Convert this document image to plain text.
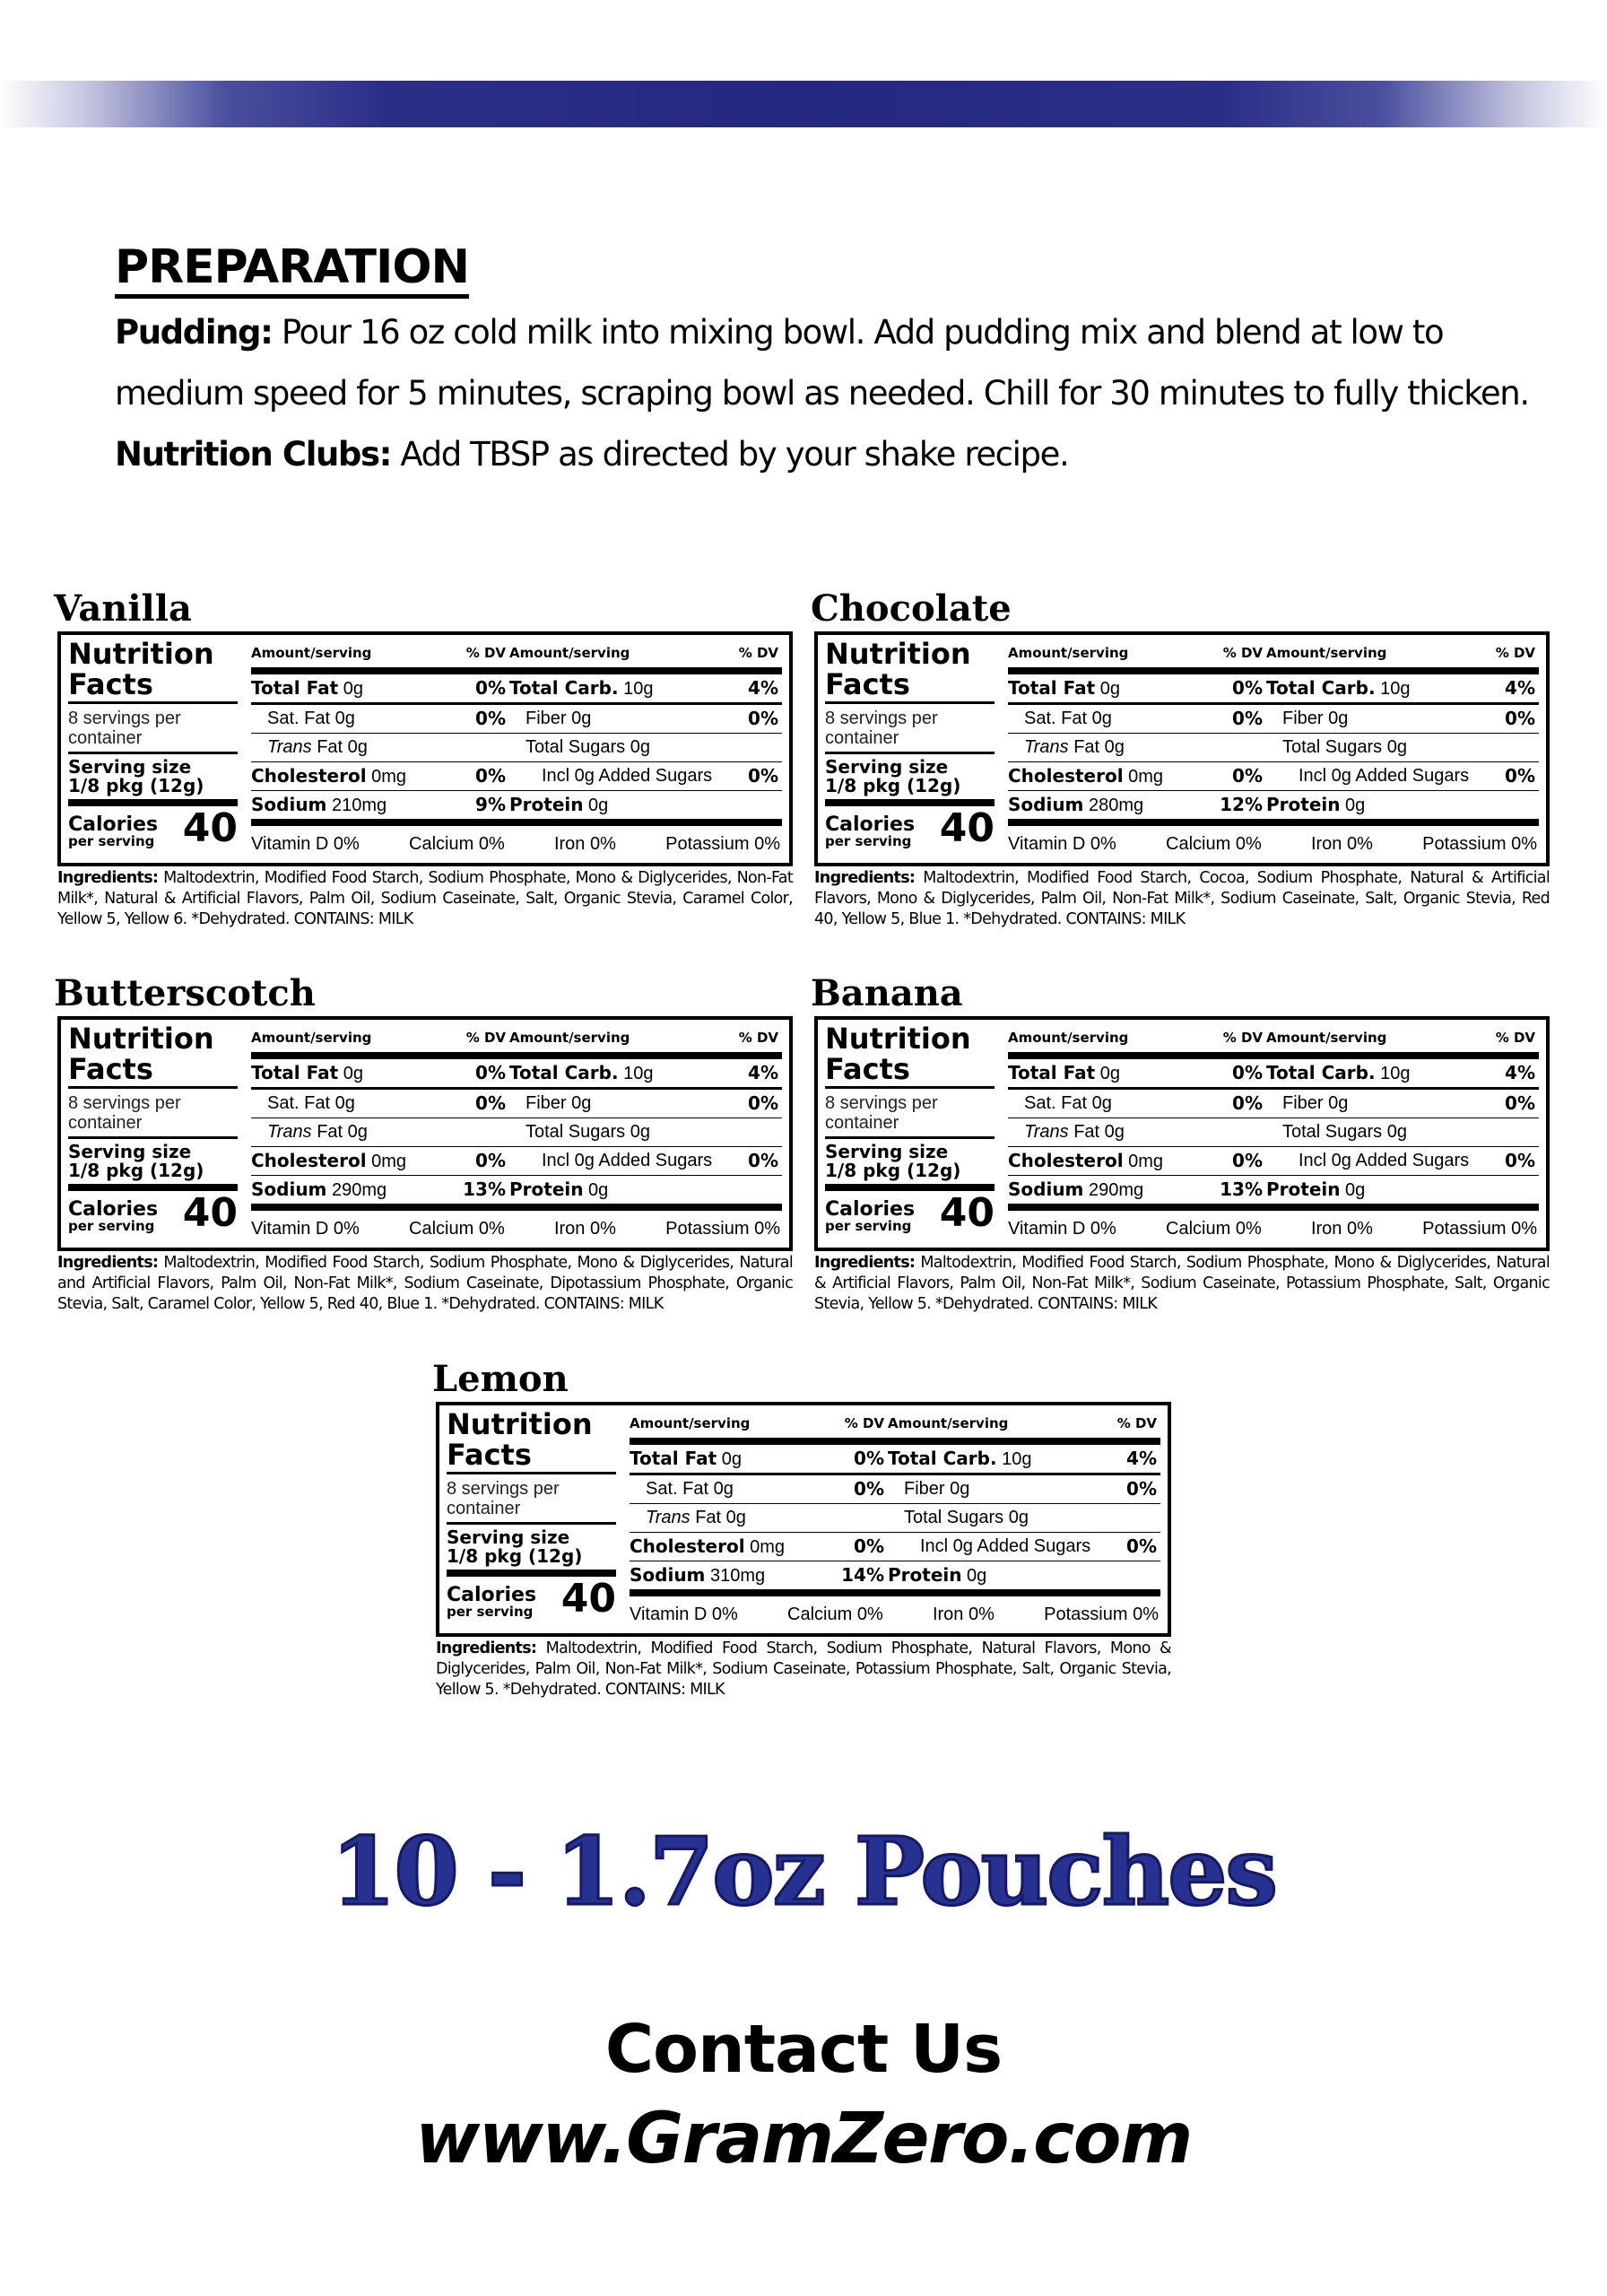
PREPARATION

Pudding: Pour 16 oz cold milk into mixing bowl. Add pudding mix and blend at low to medium speed for 5 minutes, scraping bowl as needed. Chill for 30 minutes to fully thicken. Nutrition Clubs: Add TBSP as directed by your shake recipe.

Vanilla
Nutrition Facts
8 servings per container
Serving size
1/8 pkg (12g)
Calories
per serving 40
Amount/serving	% DV Amount/serving	% DV
Total Fat 0g	0% Total Carb. 10g	4%
Sat. Fat 0g	0%	Fiber 0g	0%
Trans Fat 0g	Total Sugars 0g
Cholesterol 0mg	0%	Incl 0g Added Sugars	0%
Sodium 210mg	9% Protein 0g
Vitamin D 0%	Calcium 0%	Iron 0%	Potassium 0%
Ingredients: Maltodextrin, Modified Food Starch, Sodium Phosphate, Mono & Diglycerides, Non-Fat Milk*, Natural & Artificial Flavors, Palm Oil, Sodium Caseinate, Salt, Organic Stevia, Caramel Color, Yellow 5, Yellow 6. *Dehydrated. CONTAINS: MILK
Chocolate
Nutrition Facts
8 servings per container
Serving size
1/8 pkg (12g)
Calories
per serving 40
Amount/serving	% DV Amount/serving	% DV
Total Fat 0g	0% Total Carb. 10g	4%
Sat. Fat 0g	0%	Fiber 0g	0%
Trans Fat 0g	Total Sugars 0g
Cholesterol 0mg	0%	Incl 0g Added Sugars	0%
Sodium 280mg	12% Protein 0g
Vitamin D 0%	Calcium 0%	Iron 0%	Potassium 0%
Ingredients: Maltodextrin, Modified Food Starch, Cocoa, Sodium Phosphate, Natural & Artificial Flavors, Mono & Diglycerides, Palm Oil, Non-Fat Milk*, Sodium Caseinate, Salt, Organic Stevia, Red 40, Yellow 5, Blue 1. *Dehydrated. CONTAINS: MILK
Butterscotch
Nutrition Facts
8 servings per container
Serving size
1/8 pkg (12g)
Calories
per serving 40
Amount/serving	% DV Amount/serving	% DV
Total Fat 0g	0% Total Carb. 10g	4%
Sat. Fat 0g	0%	Fiber 0g	0%
Trans Fat 0g	Total Sugars 0g
Cholesterol 0mg	0%	Incl 0g Added Sugars	0%
Sodium 290mg	13% Protein 0g
Vitamin D 0%	Calcium 0%	Iron 0%	Potassium 0%
Ingredients: Maltodextrin, Modified Food Starch, Sodium Phosphate, Mono & Diglycerides, Natural and Artificial Flavors, Palm Oil, Non-Fat Milk*, Sodium Caseinate, Dipotassium Phosphate, Organic Stevia, Salt, Caramel Color, Yellow 5, Red 40, Blue 1. *Dehydrated. CONTAINS: MILK
Banana
Nutrition Facts
8 servings per container
Serving size
1/8 pkg (12g)
Calories
per serving 40
Amount/serving	% DV Amount/serving	% DV
Total Fat 0g	0% Total Carb. 10g	4%
Sat. Fat 0g	0%	Fiber 0g	0%
Trans Fat 0g	Total Sugars 0g
Cholesterol 0mg	0%	Incl 0g Added Sugars	0%
Sodium 290mg	13% Protein 0g
Vitamin D 0%	Calcium 0%	Iron 0%	Potassium 0%
Ingredients: Maltodextrin, Modified Food Starch, Sodium Phosphate, Mono & Diglycerides, Natural & Artificial Flavors, Palm Oil, Non-Fat Milk*, Sodium Caseinate, Potassium Phosphate, Salt, Organic Stevia, Yellow 5. *Dehydrated. CONTAINS: MILK
Lemon
Nutrition Facts
8 servings per container
Serving size
1/8 pkg (12g)
Calories
per serving 40
Amount/serving	% DV Amount/serving	% DV
Total Fat 0g	0% Total Carb. 10g	4%
Sat. Fat 0g	0%	Fiber 0g	0%
Trans Fat 0g	Total Sugars 0g
Cholesterol 0mg	0%	Incl 0g Added Sugars	0%
Sodium 310mg	14% Protein 0g
Vitamin D 0%	Calcium 0%	Iron 0%	Potassium 0%
Ingredients: Maltodextrin, Modified Food Starch, Sodium Phosphate, Natural Flavors, Mono & Diglycerides, Palm Oil, Non-Fat Milk*, Sodium Caseinate, Potassium Phosphate, Salt, Organic Stevia, Yellow 5. *Dehydrated. CONTAINS: MILK
10 - 1.7oz Pouches
Contact Us
www.GramZero.com
